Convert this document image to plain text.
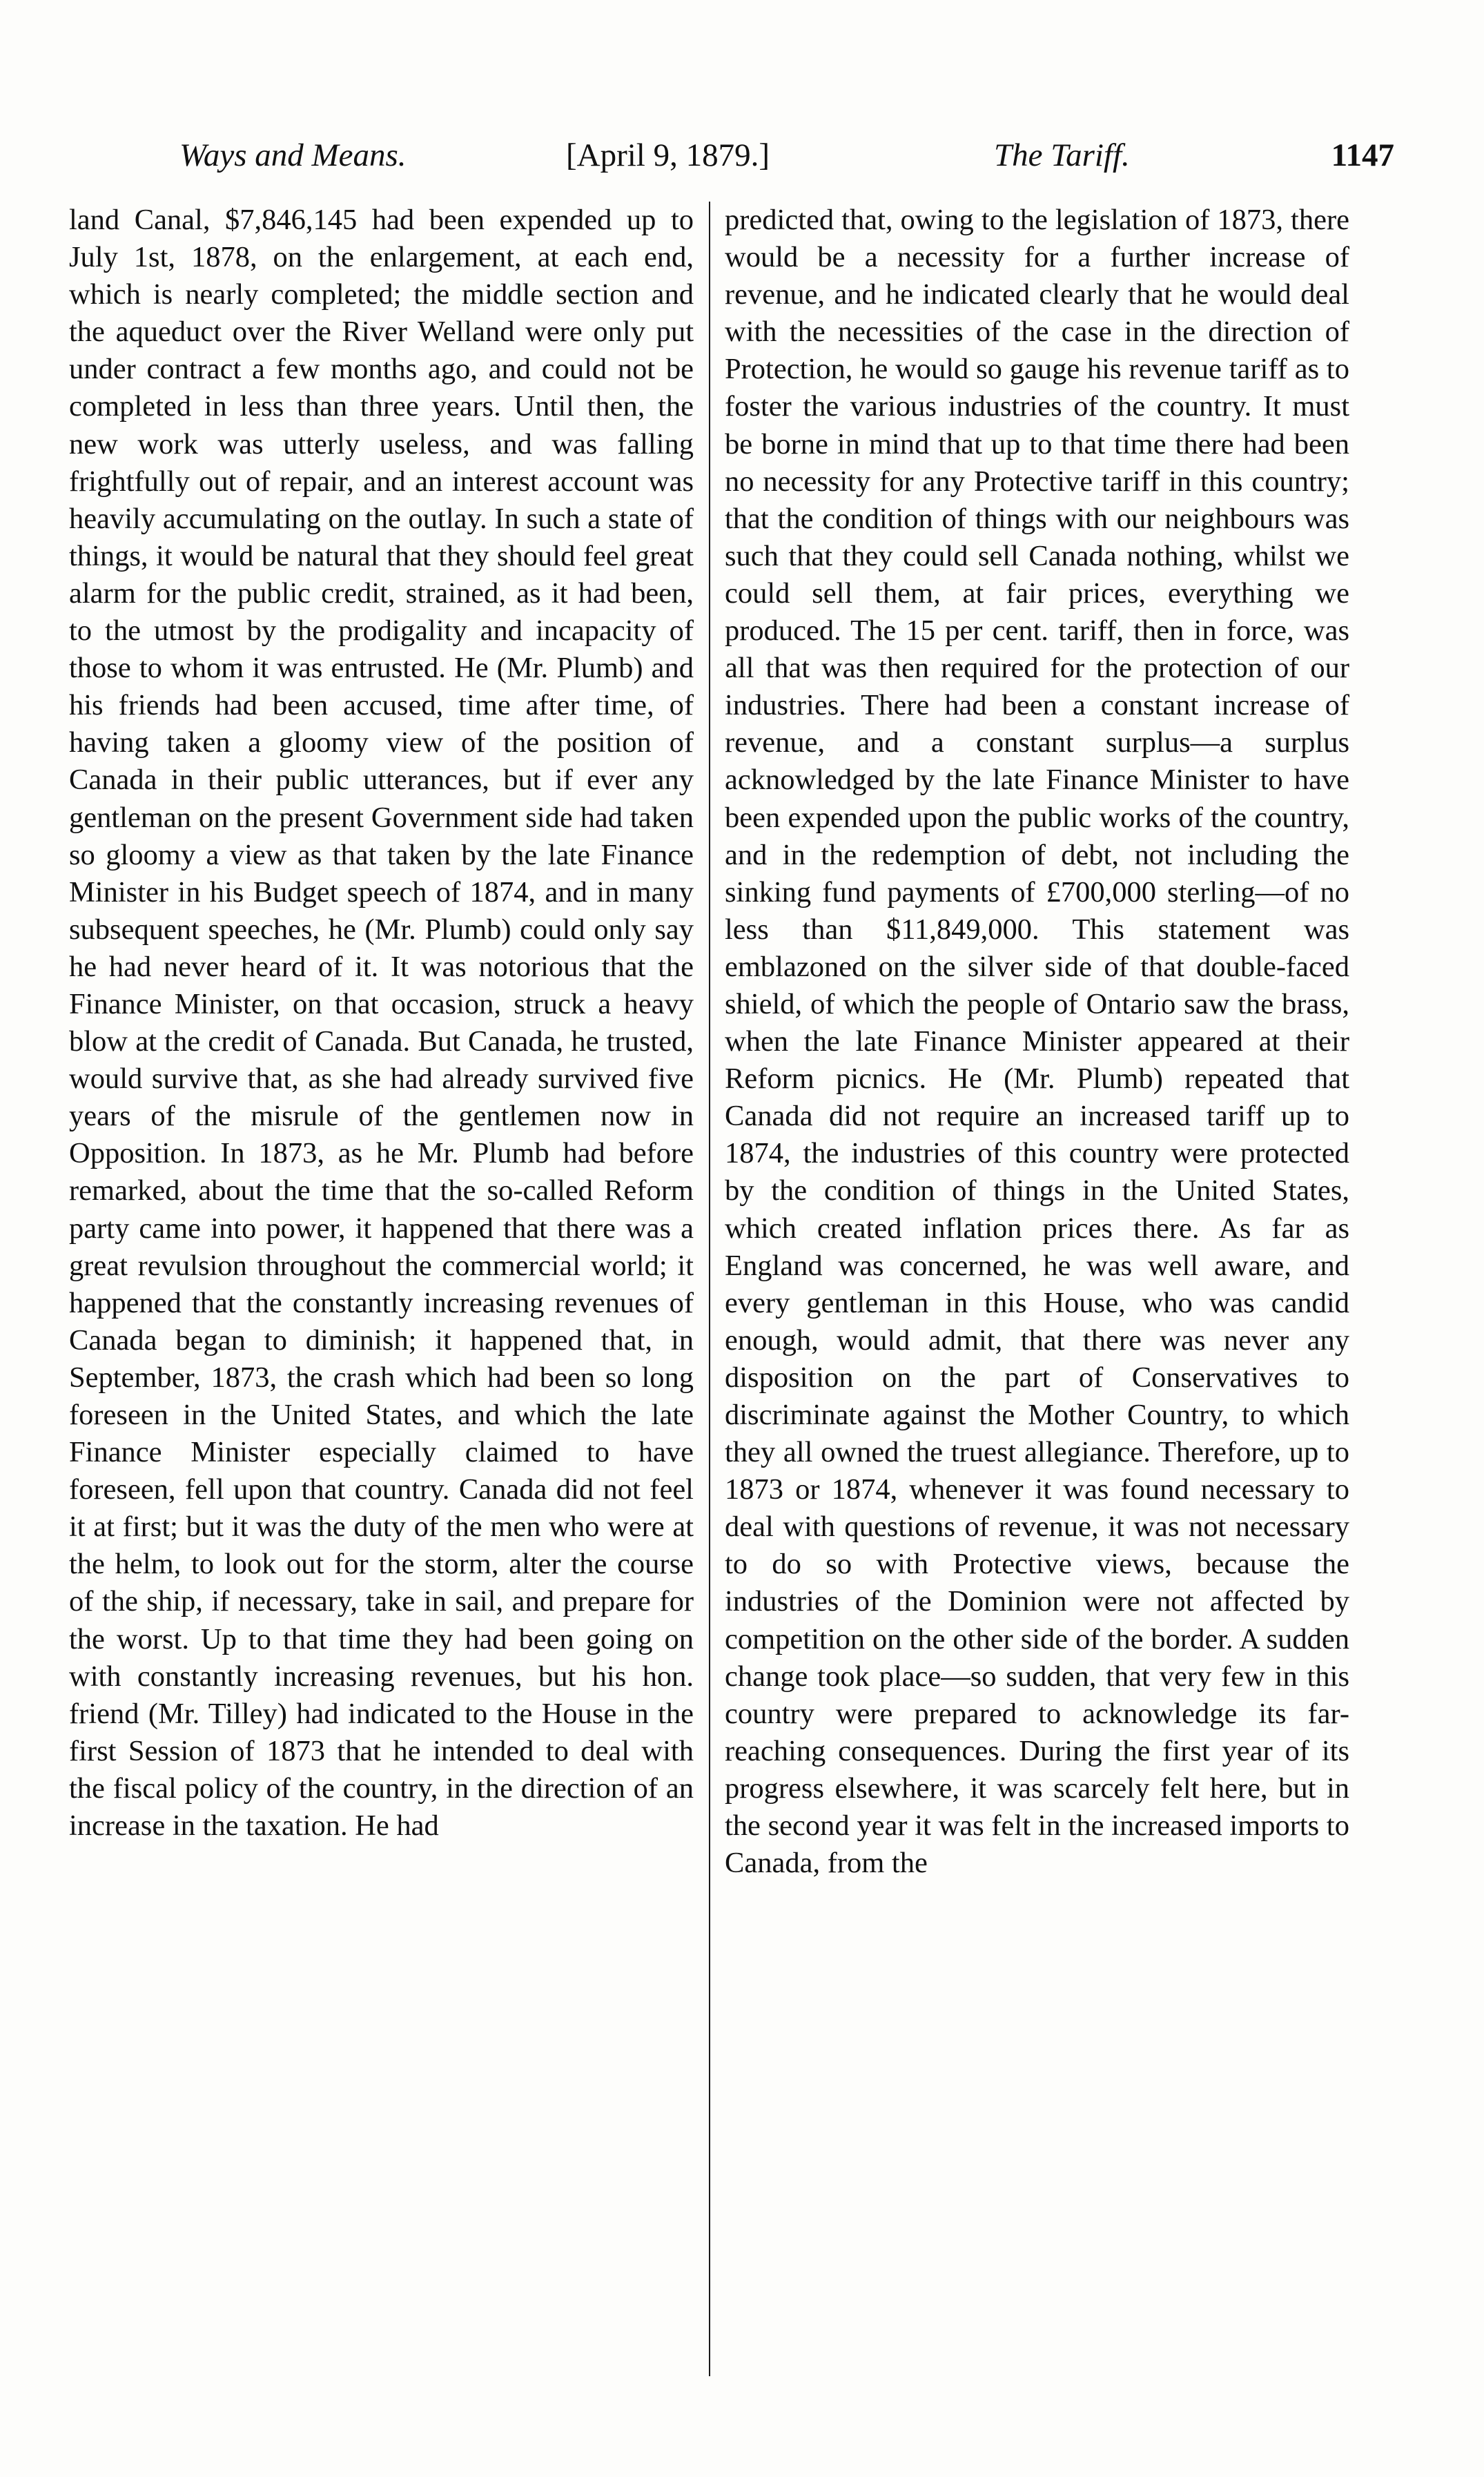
Ways and Means.	[April 9, 1879.]	The Tariff.	1147

land Canal, $7,846,145 had been expended up to July 1st, 1878, on the enlargement, at each end, which is nearly completed; the middle section and the aqueduct over the River Welland were only put under contract a few months ago, and could not be completed in less than three years. Until then, the new work was utterly useless, and was falling frightfully out of repair, and an interest account was heavily accumulating on the outlay. In such a state of things, it would be natural that they should feel great alarm for the public credit, strained, as it had been, to the utmost by the prodigality and incapacity of those to whom it was entrusted. He (Mr. Plumb) and his friends had been accused, time after time, of having taken a gloomy view of the position of Canada in their public utterances, but if ever any gentleman on the present Government side had taken so gloomy a view as that taken by the late Finance Minister in his Budget speech of 1874, and in many subsequent speeches, he (Mr. Plumb) could only say he had never heard of it. It was notorious that the Finance Minister, on that occasion, struck a heavy blow at the credit of Canada. But Canada, he trusted, would survive that, as she had already survived five years of the misrule of the gentlemen now in Opposition. In 1873, as he Mr. Plumb had before remarked, about the time that the so-called Reform party came into power, it happened that there was a great revulsion throughout the commercial world; it happened that the constantly increasing revenues of Canada began to diminish; it happened that, in September, 1873, the crash which had been so long foreseen in the United States, and which the late Finance Minister especially claimed to have foreseen, fell upon that country. Canada did not feel it at first; but it was the duty of the men who were at the helm, to look out for the storm, alter the course of the ship, if necessary, take in sail, and prepare for the worst. Up to that time they had been going on with constantly increasing revenues, but his hon. friend (Mr. Tilley) had indicated to the House in the first Session of 1873 that he intended to deal with the fiscal policy of the country, in the direction of an increase in the taxation. He had

predicted that, owing to the legislation of 1873, there would be a necessity for a further increase of revenue, and he indicated clearly that he would deal with the necessities of the case in the direction of Protection, he would so gauge his revenue tariff as to foster the various industries of the country. It must be borne in mind that up to that time there had been no necessity for any Protective tariff in this country; that the condition of things with our neighbours was such that they could sell Canada nothing, whilst we could sell them, at fair prices, everything we produced. The 15 per cent. tariff, then in force, was all that was then required for the protection of our industries. There had been a constant increase of revenue, and a constant surplus—a surplus acknowledged by the late Finance Minister to have been expended upon the public works of the country, and in the redemption of debt, not including the sinking fund payments of £700,000 sterling—of no less than $11,849,000. This statement was emblazoned on the silver side of that double-faced shield, of which the people of Ontario saw the brass, when the late Finance Minister appeared at their Reform picnics. He (Mr. Plumb) repeated that Canada did not require an increased tariff up to 1874, the industries of this country were protected by the condition of things in the United States, which created inflation prices there. As far as England was concerned, he was well aware, and every gentleman in this House, who was candid enough, would admit, that there was never any disposition on the part of Conservatives to discriminate against the Mother Country, to which they all owned the truest allegiance. Therefore, up to 1873 or 1874, whenever it was found necessary to deal with questions of revenue, it was not necessary to do so with Protective views, because the industries of the Dominion were not affected by competition on the other side of the border. A sudden change took place—so sudden, that very few in this country were prepared to acknowledge its far-reaching consequences. During the first year of its progress elsewhere, it was scarcely felt here, but in the second year it was felt in the increased imports to Canada, from the
